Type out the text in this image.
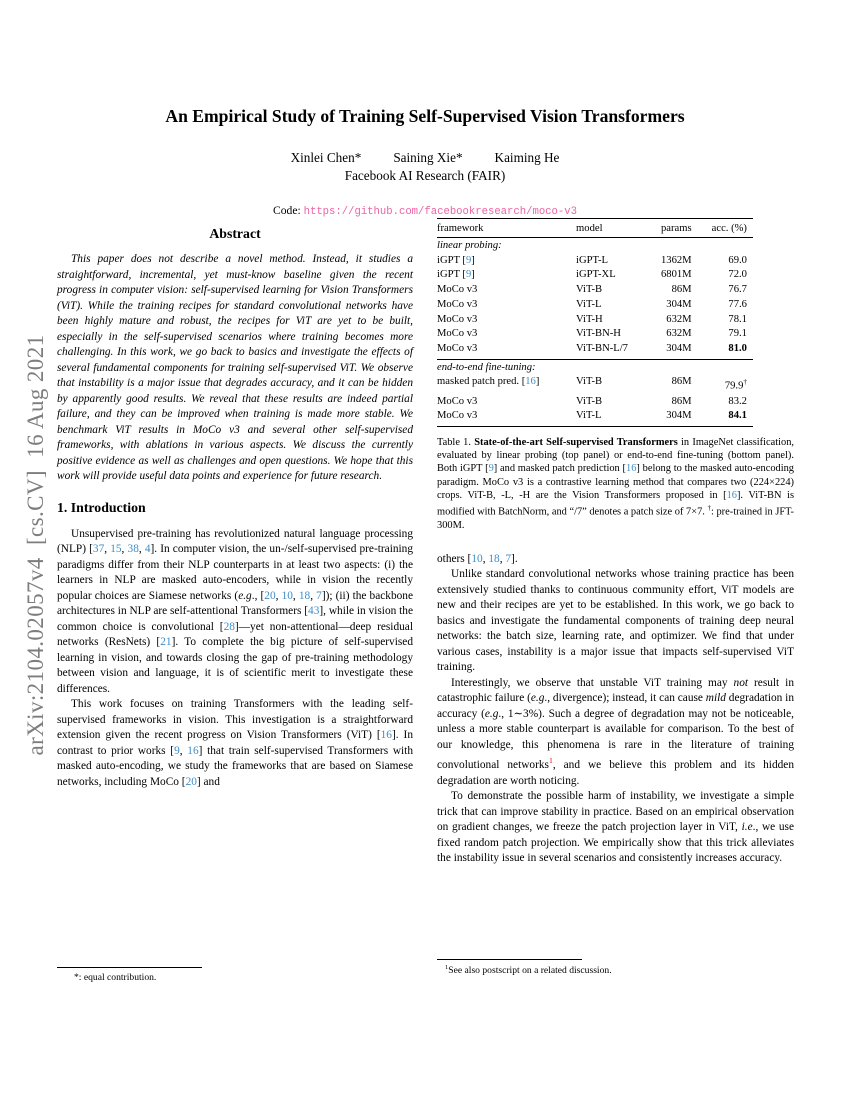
arXiv:2104.02057v4  [cs.CV]  16 Aug 2021
An Empirical Study of Training Self-Supervised Vision Transformers
Xinlei Chen* Saining Xie* Kaiming He
Facebook AI Research (FAIR)
Code: https://github.com/facebookresearch/moco-v3
Abstract

This paper does not describe a novel method. Instead, it studies a straightforward, incremental, yet must-know baseline given the recent progress in computer vision: self-supervised learning for Vision Transformers (ViT). While the training recipes for standard convolutional networks have been highly mature and robust, the recipes for ViT are yet to be built, especially in the self-supervised scenarios where training becomes more challenging. In this work, we go back to basics and investigate the effects of several fundamental components for training self-supervised ViT. We observe that instability is a major issue that degrades accuracy, and it can be hidden by apparently good results. We reveal that these results are indeed partial failure, and they can be improved when training is made more stable. We benchmark ViT results in MoCo v3 and several other self-supervised frameworks, with ablations in various aspects. We discuss the currently positive evidence as well as challenges and open questions. We hope that this work will provide useful data points and experience for future research.

1. Introduction

Unsupervised pre-training has revolutionized natural language processing (NLP) [37, 15, 38, 4]. In computer vision, the un-/self-supervised pre-training paradigms differ from their NLP counterparts in at least two aspects: (i) the learners in NLP are masked auto-encoders, while in vision the recently popular choices are Siamese networks (e.g., [20, 10, 18, 7]); (ii) the backbone architectures in NLP are self-attentional Transformers [43], while in vision the common choice is convolutional [28]—yet non-attentional—deep residual networks (ResNets) [21]. To complete the big picture of self-supervised learning in vision, and towards closing the gap of pre-training methodology between vision and language, it is of scientific merit to investigate these differences.

This work focuses on training Transformers with the leading self-supervised frameworks in vision. This investigation is a straightforward extension given the recent progress on Vision Transformers (ViT) [16]. In contrast to prior works [9, 16] that train self-supervised Transformers with masked auto-encoding, we study the frameworks that are based on Siamese networks, including MoCo [20] and

framework	model	params	acc. (%)
linear probing:
iGPT [9]	iGPT-L	1362M	69.0
iGPT [9]	iGPT-XL	6801M	72.0
MoCo v3	ViT-B	86M	76.7
MoCo v3	ViT-L	304M	77.6
MoCo v3	ViT-H	632M	78.1
MoCo v3	ViT-BN-H	632M	79.1
MoCo v3	ViT-BN-L/7	304M	81.0
end-to-end fine-tuning:
masked patch pred. [16]	ViT-B	86M	79.9†
MoCo v3	ViT-B	86M	83.2
MoCo v3	ViT-L	304M	84.1

Table 1. State-of-the-art Self-supervised Transformers in ImageNet classification, evaluated by linear probing (top panel) or end-to-end fine-tuning (bottom panel). Both iGPT [9] and masked patch prediction [16] belong to the masked auto-encoding paradigm. MoCo v3 is a contrastive learning method that compares two (224×224) crops. ViT-B, -L, -H are the Vision Transformers proposed in [16]. ViT-BN is modified with BatchNorm, and “/7” denotes a patch size of 7×7. †: pre-trained in JFT-300M.

others [10, 18, 7].

Unlike standard convolutional networks whose training practice has been extensively studied thanks to continuous community effort, ViT models are new and their recipes are yet to be established. In this work, we go back to basics and investigate the fundamental components of training deep neural networks: the batch size, learning rate, and optimizer. We find that under various cases, instability is a major issue that impacts self-supervised ViT training.

Interestingly, we observe that unstable ViT training may not result in catastrophic failure (e.g., divergence); instead, it can cause mild degradation in accuracy (e.g., 1∼3%). Such a degree of degradation may not be noticeable, unless a more stable counterpart is available for comparison. To the best of our knowledge, this phenomena is rare in the literature of training convolutional networks$^1$, and we believe this problem and its hidden degradation are worth noticing.

To demonstrate the possible harm of instability, we investigate a simple trick that can improve stability in practice. Based on an empirical observation on gradient changes, we freeze the patch projection layer in ViT, i.e., we use fixed random patch projection. We empirically show that this trick alleviates the instability issue in several scenarios and consistently increases accuracy.

*: equal contribution.
$^1$See also postscript on a related discussion.
